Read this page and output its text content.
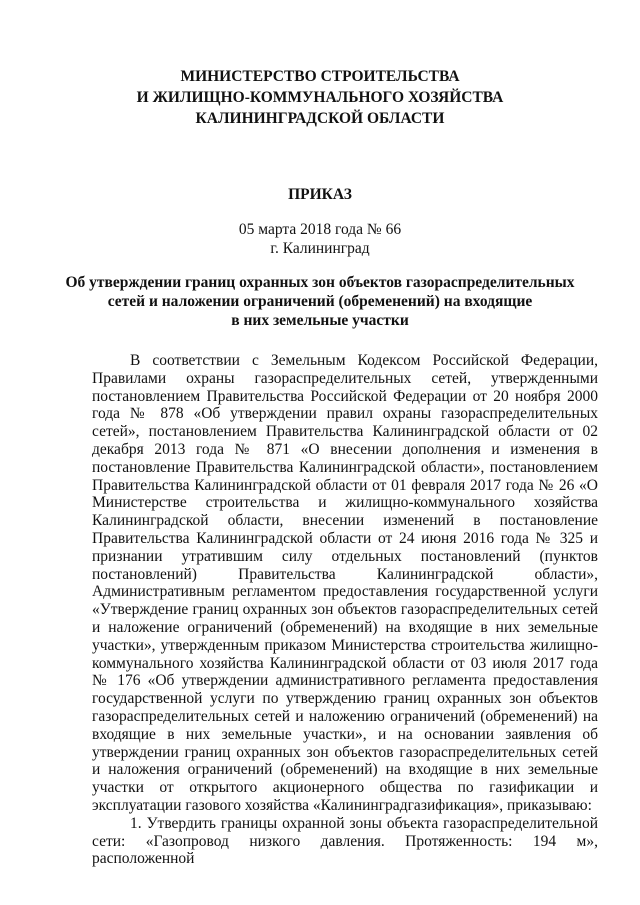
МИНИСТЕРСТВО СТРОИТЕЛЬСТВА
И ЖИЛИЩНО-КОММУНАЛЬНОГО ХОЗЯЙСТВА
КАЛИНИНГРАДСКОЙ ОБЛАСТИ
ПРИКАЗ
05 марта 2018 года № 66
г. Калининград
Об утверждении границ охранных зон объектов газораспределительных
сетей и наложении ограничений (обременений) на входящие
в них земельные участки

В соответствии с Земельным Кодексом Российской Федерации, Правилами охраны газораспределительных сетей, утвержденными постановлением Правительства Российской Федерации от 20 ноября 2000 года № 878 «Об утверждении правил охраны газораспределительных сетей», постановлением Правительства Калининградской области от 02 декабря 2013 года № 871 «О внесении дополнения и изменения в постановление Правительства Калининградской области», постановлением Правительства Калининградской области от 01 февраля 2017 года № 26 «О Министерстве строительства и жилищно-коммунального хозяйства Калининградской области, внесении изменений в постановление Правительства Калининградской области от 24 июня 2016 года № 325 и признании утратившим силу отдельных постановлений (пунктов постановлений) Правительства Калининградской области», Административным регламентом предоставления государственной услуги «Утверждение границ охранных зон объектов газораспределительных сетей и наложение ограничений (обременений) на входящие в них земельные участки», утвержденным приказом Министерства строительства жилищно-коммунального хозяйства Калининградской области от 03 июля 2017 года № 176 «Об утверждении административного регламента предоставления государственной услуги по утверждению границ охранных зон объектов газораспределительных сетей и наложению ограничений (обременений) на входящие в них земельные участки», и на основании заявления об утверждении границ охранных зон объектов газораспределительных сетей и наложения ограничений (обременений) на входящие в них земельные участки от открытого акционерного общества по газификации и эксплуатации газового хозяйства «Калининградгазификация», приказываю:

1. Утвердить границы охранной зоны объекта газораспределительной сети: «Газопровод низкого давления. Протяженность: 194 м», расположенной
